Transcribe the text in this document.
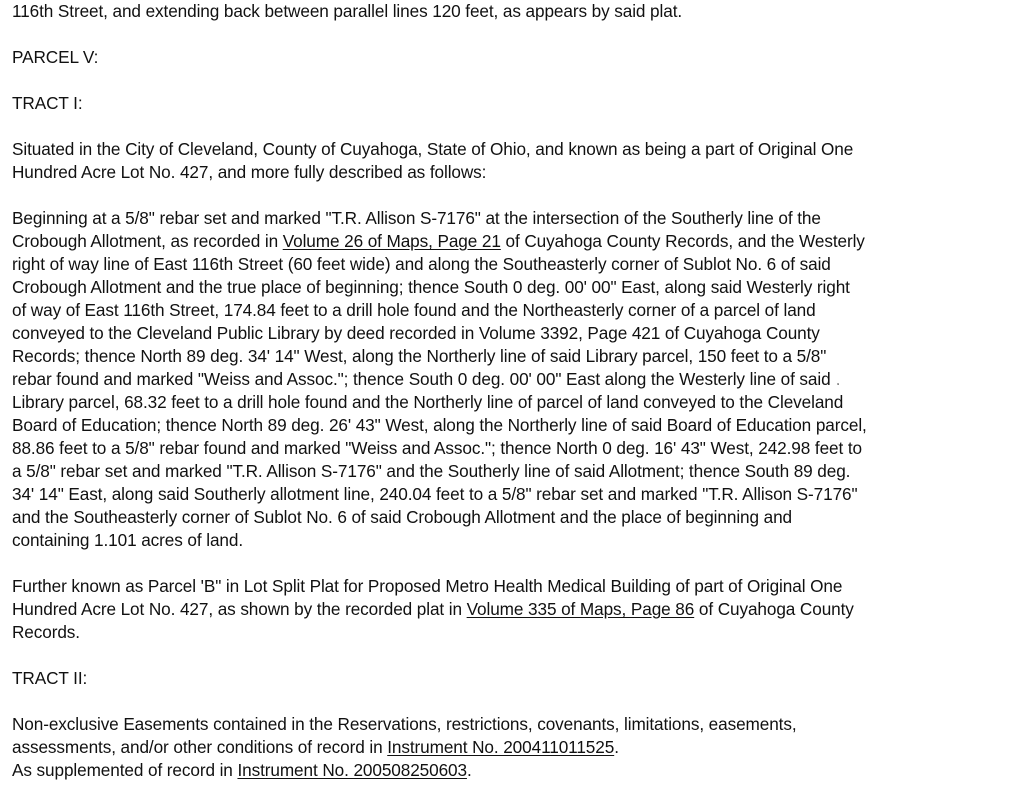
116th Street, and extending back between parallel lines 120 feet, as appears by said plat.
PARCEL V:
TRACT I:
Situated in the City of Cleveland, County of Cuyahoga, State of Ohio, and known as being a part of Original One
Hundred Acre Lot No. 427, and more fully described as follows:
Beginning at a 5/8" rebar set and marked "T.R. Allison S-7176" at the intersection of the Southerly line of the
Crobough Allotment, as recorded in Volume 26 of Maps, Page 21 of Cuyahoga County Records, and the Westerly
right of way line of East 116th Street (60 feet wide) and along the Southeasterly corner of Sublot No. 6 of said
Crobough Allotment and the true place of beginning; thence South 0 deg. 00' 00" East, along said Westerly right
of way of East 116th Street, 174.84 feet to a drill hole found and the Northeasterly corner of a parcel of land
conveyed to the Cleveland Public Library by deed recorded in Volume 3392, Page 421 of Cuyahoga County
Records; thence North 89 deg. 34' 14" West, along the Northerly line of said Library parcel, 150 feet to a 5/8"
rebar found and marked "Weiss and Assoc."; thence South 0 deg. 00' 00" East along the Westerly line of said ¸
Library parcel, 68.32 feet to a drill hole found and the Northerly line of parcel of land conveyed to the Cleveland
Board of Education; thence North 89 deg. 26' 43" West, along the Northerly line of said Board of Education parcel,
88.86 feet to a 5/8" rebar found and marked "Weiss and Assoc."; thence North 0 deg. 16' 43" West, 242.98 feet to
a 5/8" rebar set and marked "T.R. Allison S-7176" and the Southerly line of said Allotment; thence South 89 deg.
34' 14" East, along said Southerly allotment line, 240.04 feet to a 5/8" rebar set and marked "T.R. Allison S-7176"
and the Southeasterly corner of Sublot No. 6 of said Crobough Allotment and the place of beginning and
containing 1.101 acres of land.
Further known as Parcel 'B" in Lot Split Plat for Proposed Metro Health Medical Building of part of Original One
Hundred Acre Lot No. 427, as shown by the recorded plat in Volume 335 of Maps, Page 86 of Cuyahoga County
Records.
TRACT II:
Non-exclusive Easements contained in the Reservations, restrictions, covenants, limitations, easements,
assessments, and/or other conditions of record in Instrument No. 200411011525.
As supplemented of record in Instrument No. 200508250603.
